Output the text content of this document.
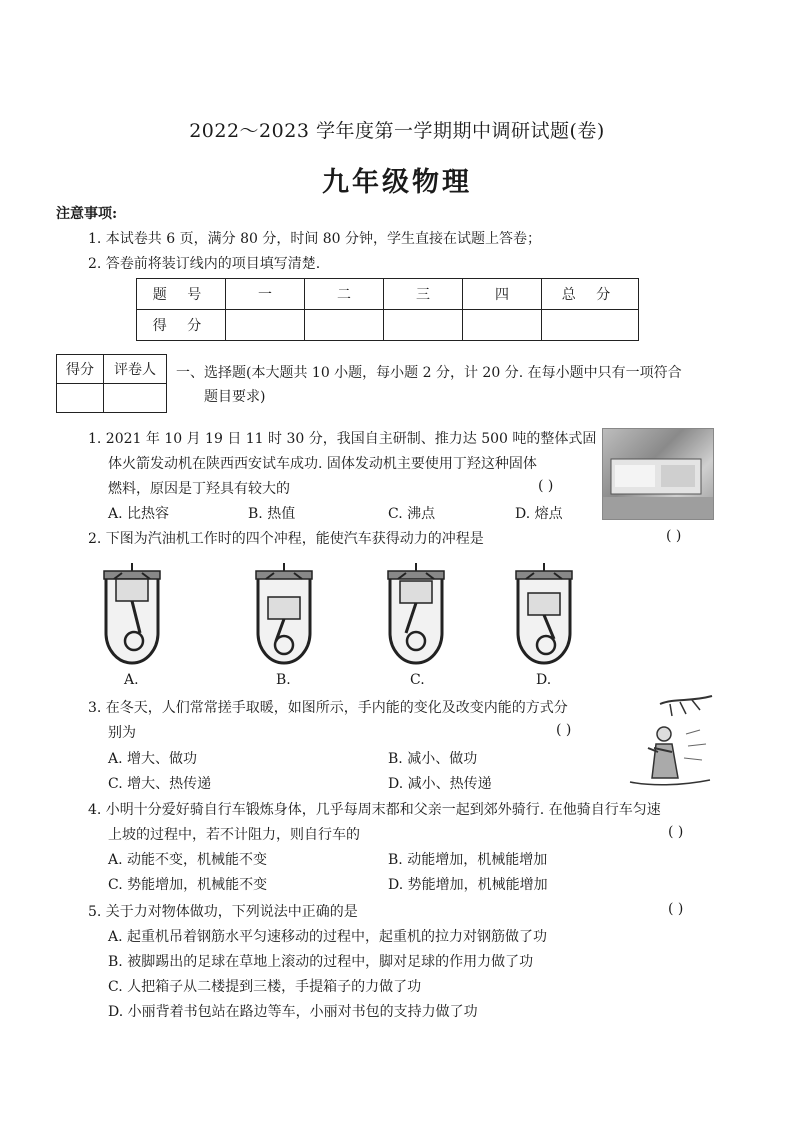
2022～2023 学年度第一学期期中调研试题(卷)
九年级物理
注意事项:
1. 本试卷共 6 页，满分 80 分，时间 80 分钟，学生直接在试题上答卷；
2. 答卷前将装订线内的项目填写清楚.
题 号	一	二	三	四	总 分
得 分					
得分	评卷人
	一、选择题(本大题共 10 小题，每小题 2 分，计 20 分. 在每小题中只有一项符合
题目要求)
1. 2021 年 10 月 19 日 11 时 30 分，我国自主研制、推力达 500 吨的整体式固
体火箭发动机在陕西西安试车成功. 固体发动机主要使用丁羟这种固体
燃料，原因是丁羟具有较大的	( )
A. 比热容	B. 热值	C. 沸点	D. 熔点
2. 下图为汽油机工作时的四个冲程，能使汽车获得动力的冲程是	( )
A.	B.	C.	D.
3. 在冬天，人们常常搓手取暖，如图所示，手内能的变化及改变内能的方式分
别为	( )
A. 增大、做功	B. 减小、做功
C. 增大、热传递	D. 减小、热传递
4. 小明十分爱好骑自行车锻炼身体，几乎每周末都和父亲一起到郊外骑行. 在他骑自行车匀速
上坡的过程中，若不计阻力，则自行车的	( )
A. 动能不变，机械能不变	B. 动能增加，机械能增加
C. 势能增加，机械能不变	D. 势能增加，机械能增加
5. 关于力对物体做功，下列说法中正确的是	( )
A. 起重机吊着钢筋水平匀速移动的过程中，起重机的拉力对钢筋做了功
B. 被脚踢出的足球在草地上滚动的过程中，脚对足球的作用力做了功
C. 人把箱子从二楼提到三楼，手提箱子的力做了功
D. 小丽背着书包站在路边等车，小丽对书包的支持力做了功
